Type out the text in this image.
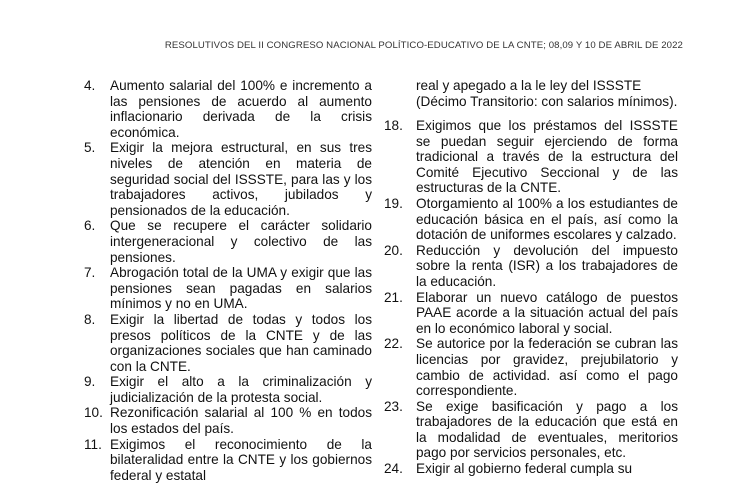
RESOLUTIVOS DEL II CONGRESO NACIONAL POLÍTICO-EDUCATIVO DE LA CNTE; 08,09 Y 10 DE ABRIL DE 2022
4.	Aumento salarial del 100% e incremento a las pensiones de acuerdo al aumento inflacionario derivada de la crisis económica.
5.	Exigir la mejora estructural, en sus tres niveles de atención en materia de seguridad social del ISSSTE, para las y los trabajadores activos, jubilados y pensionados de la educación.
6.	Que se recupere el carácter solidario intergeneracional y colectivo de las pensiones.
7.	Abrogación total de la UMA y exigir que las pensiones sean pagadas en salarios mínimos y no en UMA.
8.	Exigir la libertad de todas y todos los presos políticos de la CNTE y de las organizaciones sociales que han caminado con la CNTE.
9.	Exigir el alto a la criminalización y judicialización de la protesta social.
10. Rezonificación salarial al 100 % en todos los estados del país.
11. Exigimos el reconocimiento de la bilateralidad entre la CNTE y los gobiernos federal y estatal
real y apegado a la le ley del ISSSTE (Décimo Transitorio: con salarios mínimos).
18. Exigimos que los préstamos del ISSSTE se puedan seguir ejerciendo de forma tradicional a través de la estructura del Comité Ejecutivo Seccional y de las estructuras de la CNTE.
19. Otorgamiento al 100% a los estudiantes de educación básica en el país, así como la dotación de uniformes escolares y calzado.
20. Reducción y devolución del impuesto sobre la renta (ISR) a los trabajadores de la educación.
21. Elaborar un nuevo catálogo de puestos PAAE acorde a la situación actual del país en lo económico laboral y social.
22. Se autorice por la federación se cubran las licencias por gravidez, prejubilatorio y cambio de actividad. así como el pago correspondiente.
23. Se exige basificación y pago a los trabajadores de la educación que está en la modalidad de eventuales, meritorios pago por servicios personales, etc.
24. Exigir al gobierno federal cumpla su
